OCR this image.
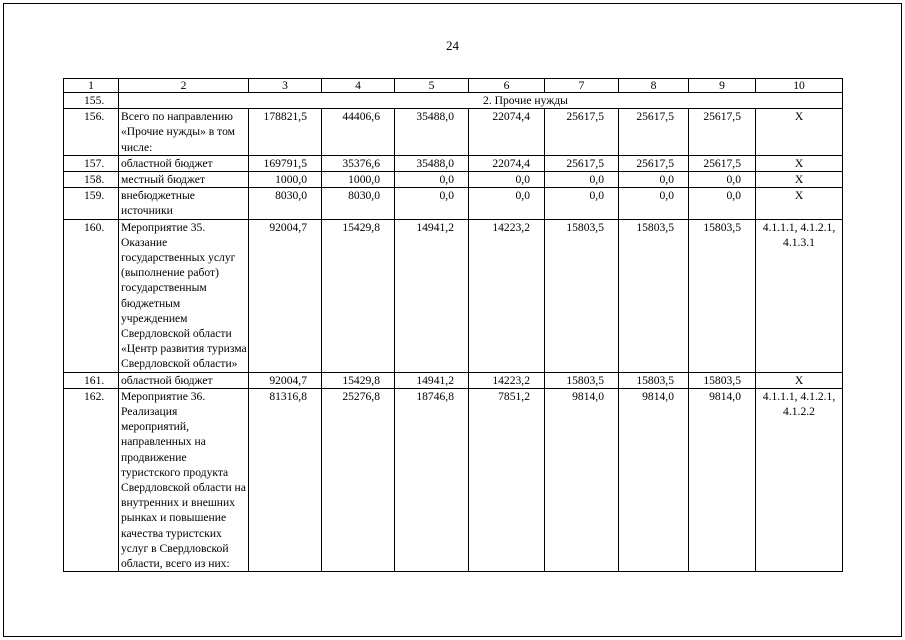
24
1	2	3	4	5	6	7	8	9	10
155.	2. Прочие нужды								
156.	Всего по направлению «Прочие нужды» в том числе:	178821,5	44406,6	35488,0	22074,4	25617,5	25617,5	25617,5	Х
157.	областной бюджет	169791,5	35376,6	35488,0	22074,4	25617,5	25617,5	25617,5	Х
158.	местный бюджет	1000,0	1000,0	0,0	0,0	0,0	0,0	0,0	Х
159.	внебюджетные источники	8030,0	8030,0	0,0	0,0	0,0	0,0	0,0	Х
160.	Мероприятие 35. Оказание государственных услуг (выполнение работ) государственным бюджетным учреждением Свердловской области «Центр развития туризма Свердловской области»	92004,7	15429,8	14941,2	14223,2	15803,5	15803,5	15803,5	4.1.1.1, 4.1.2.1, 4.1.3.1
161.	областной бюджет	92004,7	15429,8	14941,2	14223,2	15803,5	15803,5	15803,5	Х
162.	Мероприятие 36. Реализация мероприятий, направленных на продвижение туристского продукта Свердловской области на внутренних и внешних рынках и повышение качества туристских услуг в Свердловской области, всего из них:	81316,8	25276,8	18746,8	7851,2	9814,0	9814,0	9814,0	4.1.1.1, 4.1.2.1, 4.1.2.2
